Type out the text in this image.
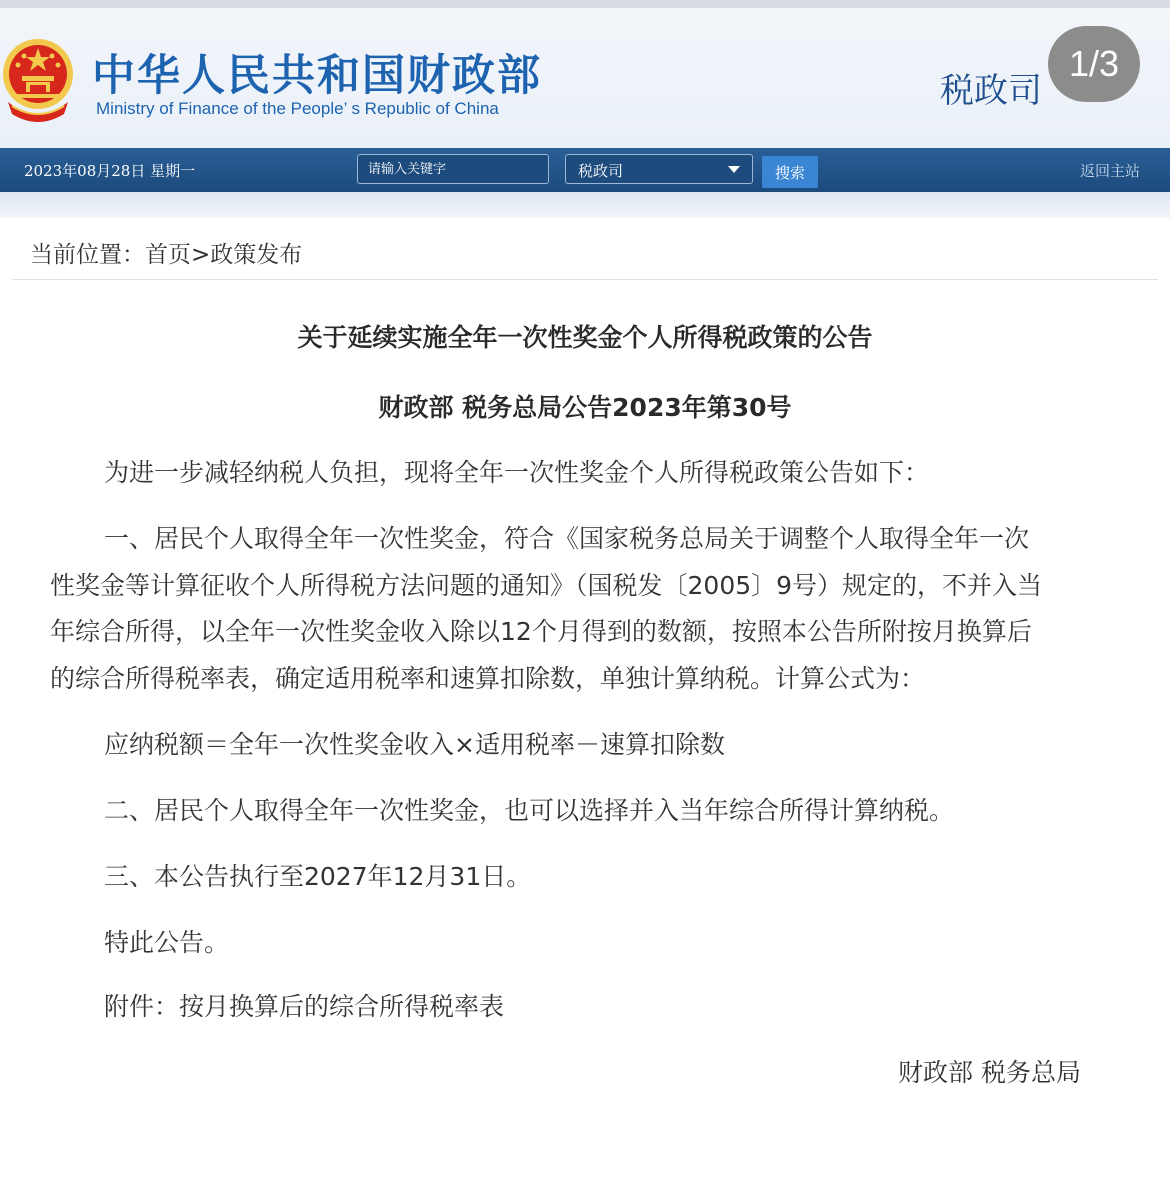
中华人民共和国财政部
Ministry of Finance of the People’ s Republic of China	税政司
1/3
2023年08月28日 星期一
请输入关键字	税政司	搜索	返回主站
当前位置：首页>政策发布
关于延续实施全年一次性奖金个人所得税政策的公告
财政部 税务总局公告2023年第30号
为进一步减轻纳税人负担，现将全年一次性奖金个人所得税政策公告如下：
一、居民个人取得全年一次性奖金，符合《国家税务总局关于调整个人取得全年一次
性奖金等计算征收个人所得税方法问题的通知》（国税发〔2005〕9号）规定的，不并入当
年综合所得，以全年一次性奖金收入除以12个月得到的数额，按照本公告所附按月换算后
的综合所得税率表，确定适用税率和速算扣除数，单独计算纳税。计算公式为：
应纳税额＝全年一次性奖金收入×适用税率－速算扣除数
二、居民个人取得全年一次性奖金，也可以选择并入当年综合所得计算纳税。
三、本公告执行至2027年12月31日。
特此公告。
附件：按月换算后的综合所得税率表
财政部 税务总局
